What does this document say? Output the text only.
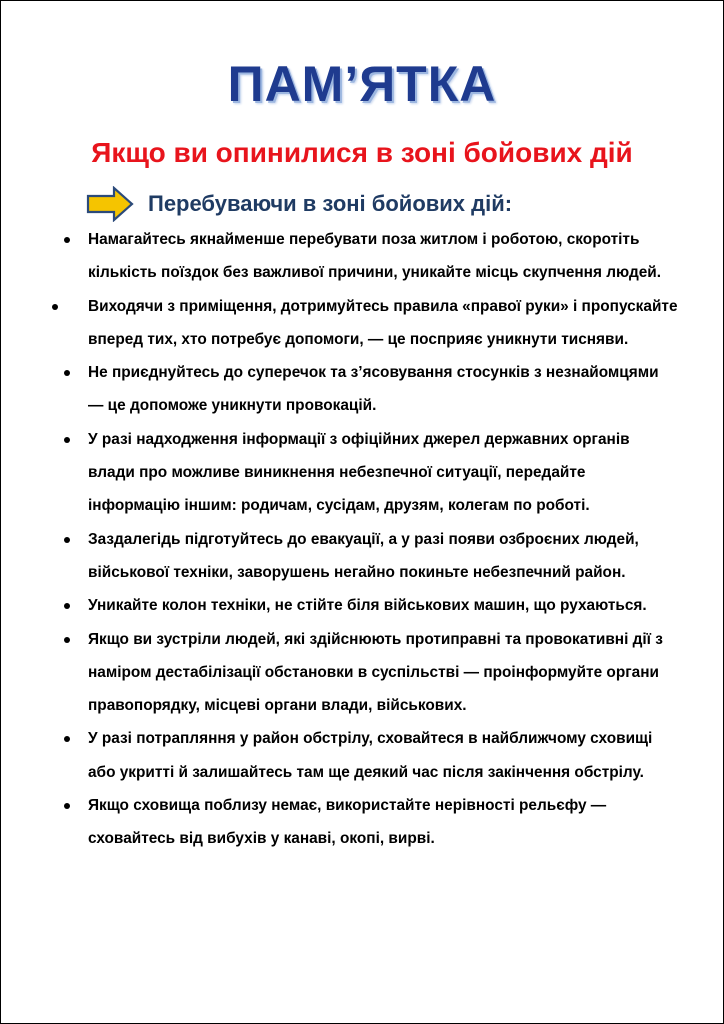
ПАМ’ЯТКА
Якщо ви опинилися в зоні бойових дій
Перебуваючи в зоні бойових дій:
Намагайтесь якнайменше перебувати поза житлом і роботою, скоротіть кількість поїздок без важливої причини, уникайте місць скупчення людей.
Виходячи з приміщення, дотримуйтесь правила «правої руки» і пропускайте вперед тих, хто потребує допомоги, — це посприяє уникнути тисняви.
Не приєднуйтесь до суперечок та з’ясовування стосунків з незнайомцями — це допоможе уникнути провокацій.
У разі надходження інформації з офіційних джерел державних органів влади про можливе виникнення небезпечної ситуації, передайте інформацію іншим: родичам, сусідам, друзям, колегам по роботі.
Заздалегідь підготуйтесь до евакуації, а у разі появи озброєних людей, військової техніки, заворушень негайно покиньте небезпечний район.
Уникайте колон техніки, не стійте біля військових машин, що рухаються.
Якщо ви зустріли людей, які здійснюють протиправні та провокативні дії з наміром дестабілізації обстановки в суспільстві — проінформуйте органи правопорядку, місцеві органи влади, військових.
У разі потрапляння у район обстрілу, сховайтеся в найближчому сховищі або укритті й залишайтесь там ще деякий час після закінчення обстрілу.
Якщо сховища поблизу немає, використайте нерівності рельєфу — сховайтесь від вибухів у канаві, окопі, вирві.
